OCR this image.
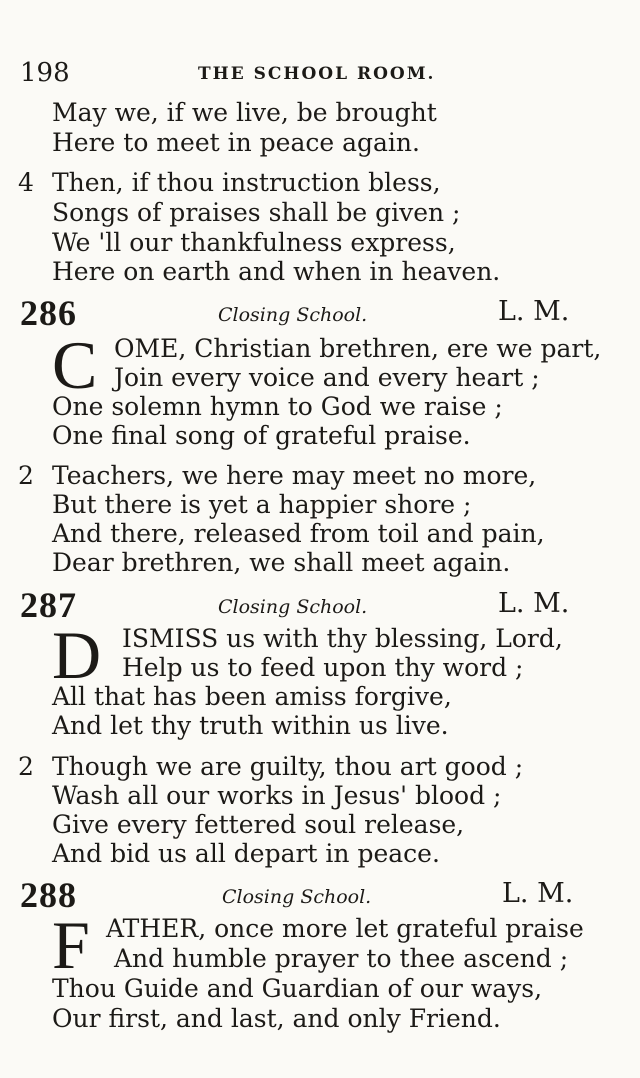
198	THE SCHOOL ROOM.
May we, if we live, be brought
Here to meet in peace again.
4 Then, if thou instruction bless,
Songs of praises shall be given ;
We 'll our thankfulness express,
Here on earth and when in heaven.
286	Closing School.	L. M.
C OME, Christian brethren, ere we part,
Join every voice and every heart ;
One solemn hymn to God we raise ;
One final song of grateful praise.
2 Teachers, we here may meet no more,
But there is yet a happier shore ;
And there, released from toil and pain,
Dear brethren, we shall meet again.
287	Closing School.	L. M.
D ISMISS us with thy blessing, Lord,
Help us to feed upon thy word ;
All that has been amiss forgive,
And let thy truth within us live.
2 Though we are guilty, thou art good ;
Wash all our works in Jesus' blood ;
Give every fettered soul release,
And bid us all depart in peace.
288	Closing School.	L. M.
F ATHER, once more let grateful praise
And humble prayer to thee ascend ;
Thou Guide and Guardian of our ways,
Our first, and last, and only Friend.
